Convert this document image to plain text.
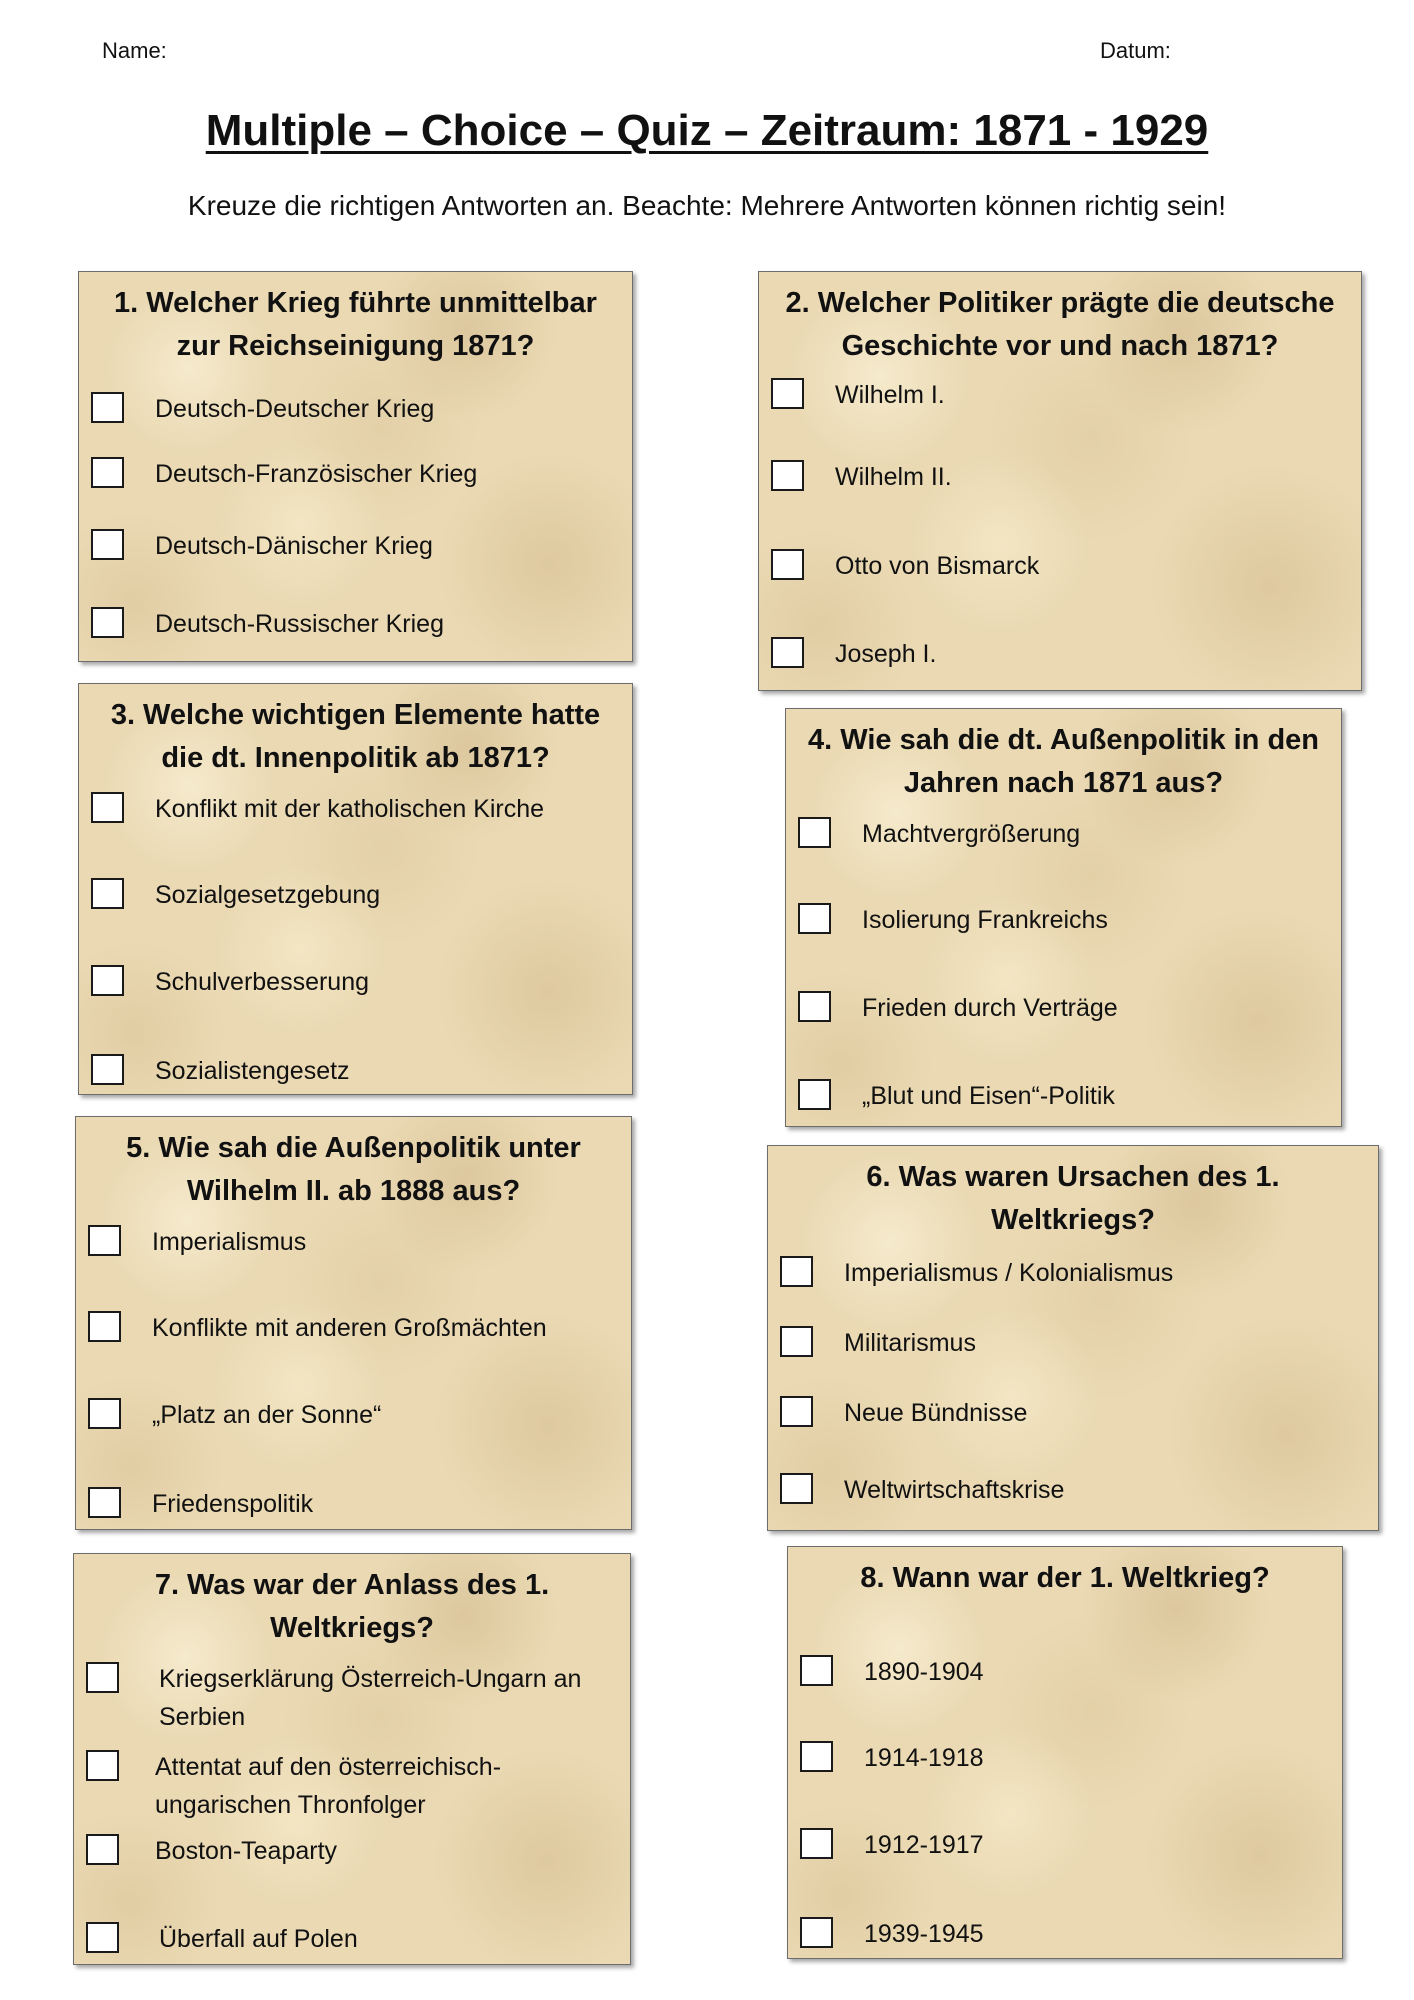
Name:	Datum:
Multiple – Choice – Quiz – Zeitraum: 1871 - 1929
Kreuze die richtigen Antworten an. Beachte: Mehrere Antworten können richtig sein!
1. Welcher Krieg führte unmittelbar zur Reichseinigung 1871?
Deutsch-Deutscher Krieg
Deutsch-Französischer Krieg
Deutsch-Dänischer Krieg
Deutsch-Russischer Krieg
2. Welcher Politiker prägte die deutsche Geschichte vor und nach 1871?
Wilhelm I.
Wilhelm II.
Otto von Bismarck
Joseph I.
3. Welche wichtigen Elemente hatte die dt. Innenpolitik ab 1871?
Konflikt mit der katholischen Kirche
Sozialgesetzgebung
Schulverbesserung
Sozialistengesetz
4. Wie sah die dt. Außenpolitik in den Jahren nach 1871 aus?
Machtvergrößerung
Isolierung Frankreichs
Frieden durch Verträge
„Blut und Eisen“-Politik
5. Wie sah die Außenpolitik unter Wilhelm II. ab 1888 aus?
Imperialismus
Konflikte mit anderen Großmächten
„Platz an der Sonne“
Friedenspolitik
6. Was waren Ursachen des 1. Weltkriegs?
Imperialismus / Kolonialismus
Militarismus
Neue Bündnisse
Weltwirtschaftskrise
7. Was war der Anlass des 1. Weltkriegs?
Kriegserklärung Österreich-Ungarn an Serbien
Attentat auf den österreichisch-ungarischen Thronfolger
Boston-Teaparty
Überfall auf Polen
8. Wann war der 1. Weltkrieg?
1890-1904
1914-1918
1912-1917
1939-1945
